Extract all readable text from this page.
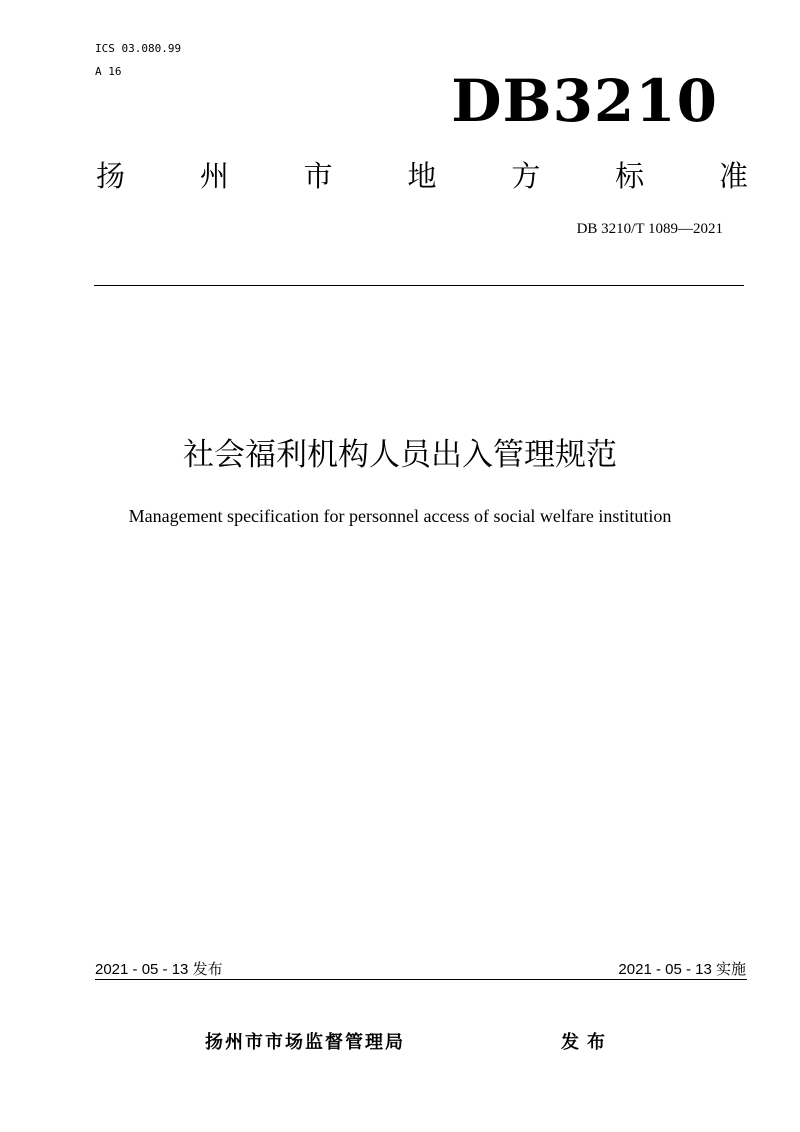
ICS 03.080.99
A 16	DB3210
扬	州	市	地	方	标	准
DB 3210/T 1089—2021
社会福利机构人员出入管理规范
Management specification for personnel access of social welfare institution
2021 - 05 - 13 发布	2021 - 05 - 13 实施
扬州市市场监督管理局	发布
